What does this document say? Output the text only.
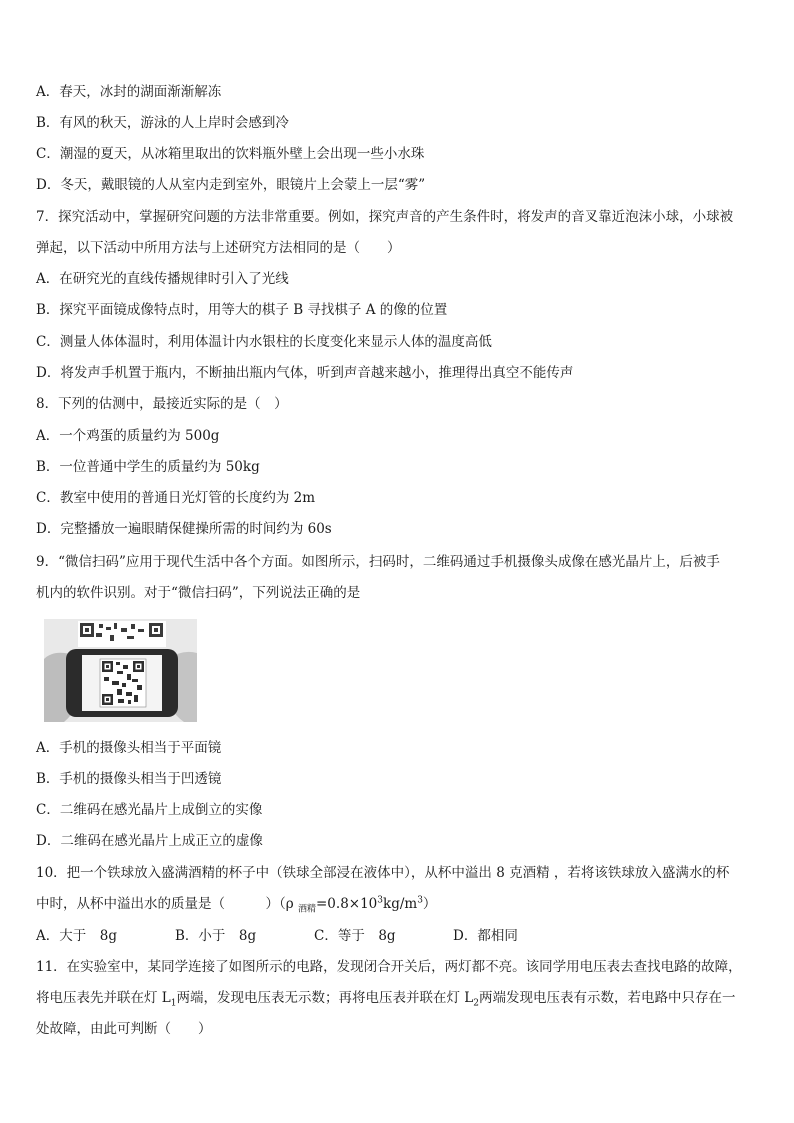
A．春天，冰封的湖面渐渐解冻
B．有风的秋天，游泳的人上岸时会感到冷
C．潮湿的夏天，从冰箱里取出的饮料瓶外壁上会出现一些小水珠
D．冬天，戴眼镜的人从室内走到室外，眼镜片上会蒙上一层“雾”
7．探究活动中，掌握研究问题的方法非常重要。例如，探究声音的产生条件时，将发声的音叉靠近泡沫小球，小球被
弹起，以下活动中所用方法与上述研究方法相同的是（　　）
A．在研究光的直线传播规律时引入了光线
B．探究平面镜成像特点时，用等大的棋子 B 寻找棋子 A 的像的位置
C．测量人体体温时，利用体温计内水银柱的长度变化来显示人体的温度高低
D．将发声手机置于瓶内，不断抽出瓶内气体，听到声音越来越小，推理得出真空不能传声
8．下列的估测中，最接近实际的是（　）
A．一个鸡蛋的质量约为 500g
B．一位普通中学生的质量约为 50kg
C．教室中使用的普通日光灯管的长度约为 2m
D．完整播放一遍眼睛保健操所需的时间约为 60s
9．“微信扫码”应用于现代生活中各个方面。如图所示，扫码时，二维码通过手机摄像头成像在感光晶片上，后被手
机内的软件识别。对于“微信扫码”，下列说法正确的是
A．手机的摄像头相当于平面镜
B．手机的摄像头相当于凹透镜
C．二维码在感光晶片上成倒立的实像
D．二维码在感光晶片上成正立的虚像
10．把一个铁球放入盛满酒精的杯子中（铁球全部浸在液体中），从杯中溢出 8 克酒精 ，若将该铁球放入盛满水的杯
中时，从杯中溢出水的质量是（　　　）（ρ $_{酒精}=0.8\times 10^3kg/m^3$）
A．大于　8g	B．小于　8g	C．等于　8g	D．都相同
11．在实验室中，某同学连接了如图所示的电路，发现闭合开关后，两灯都不亮。该同学用电压表去查找电路的故障，
将电压表先并联在灯 $L_1$两端，发现电压表无示数；再将电压表并联在灯 $L_2$两端发现电压表有示数，若电路中只存在一
处故障，由此可判断（　　）
